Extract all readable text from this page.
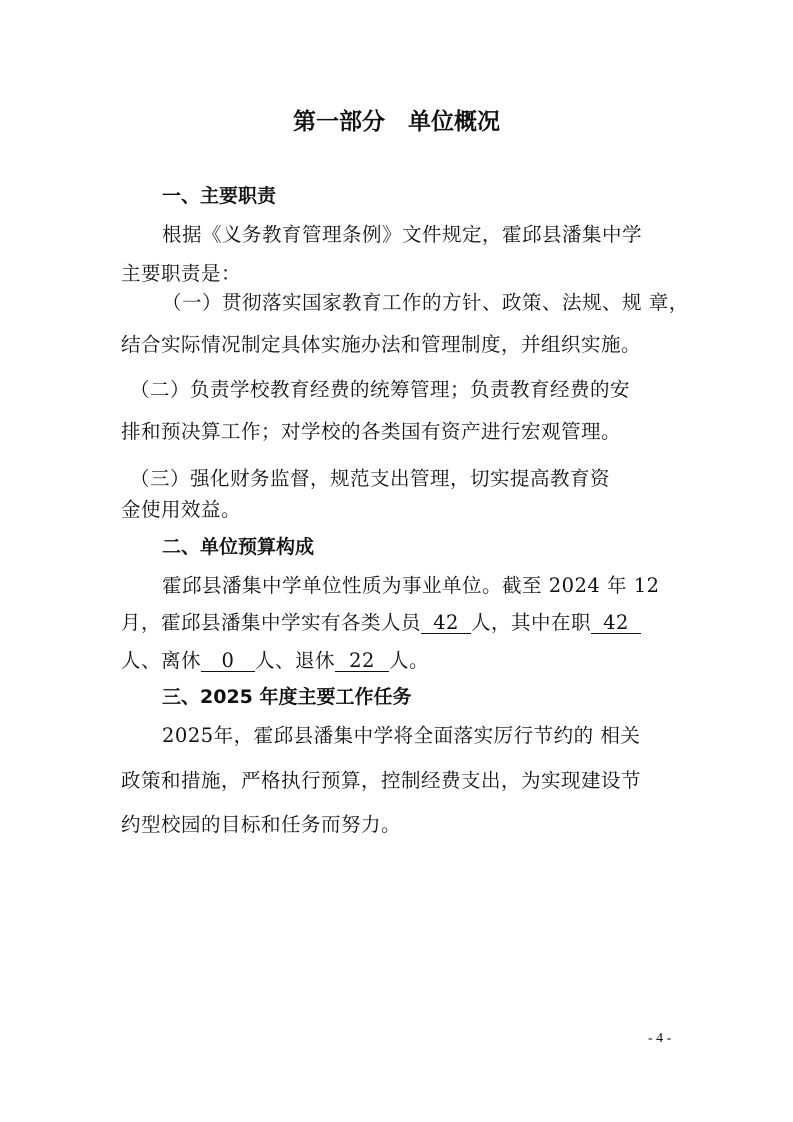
第一部分　单位概况
一、主要职责
根据《义务教育管理条例》文件规定，霍邱县潘集中学
主要职责是：
（一）贯彻落实国家教育工作的方针、政策、法规、规 章，
结合实际情况制定具体实施办法和管理制度，并组织实施。
（二）负责学校教育经费的统筹管理；负责教育经费的安
排和预决算工作；对学校的各类国有资产进行宏观管理。
（三）强化财务监督，规范支出管理，切实提高教育资
金使用效益。
二、单位预算构成
霍邱县潘集中学单位性质为事业单位。截至 2024 年 12
月，霍邱县潘集中学实有各类人员 42 人，其中在职 42
人、离休 0 人、退休 22 人。
三、2025 年度主要工作任务
2025年，霍邱县潘集中学将全面落实厉行节约的 相关
政策和措施，严格执行预算，控制经费支出，为实现建设节
约型校园的目标和任务而努力。
- 4 -
